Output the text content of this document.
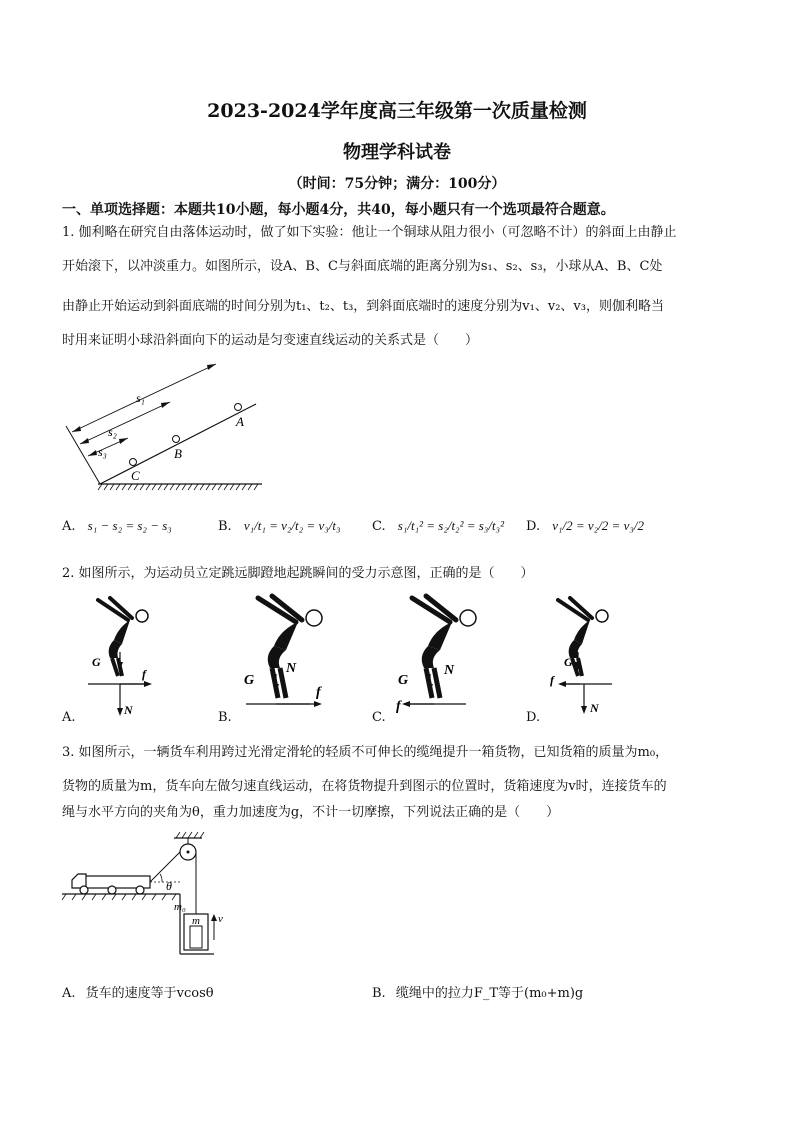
2023-2024学年度高三年级第一次质量检测
物理学科试卷
（时间：75分钟；满分：100分）
一、单项选择题：本题共10小题，每小题4分，共40，每小题只有一个选项最符合题意。
1. 伽利略在研究自由落体运动时，做了如下实验：他让一个铜球从阻力很小（可忽略不计）的斜面上由静止
开始滚下，以冲淡重力。如图所示，设A、B、C与斜面底端的距离分别为s₁、s₂、s₃，小球从A、B、C处
由静止开始运动到斜面底端的时间分别为t₁、t₂、t₃，到斜面底端时的速度分别为v₁、v₂、v₃，则伽利略当
时用来证明小球沿斜面向下的运动是匀变速直线运动的关系式是（　　）
s₁
s₂
s₃
A
B
C
A. s₁ − s₂ = s₂ − s₃	B. v₁/t₁ = v₂/t₂ = v₃/t₃ C. s₁/t₁² = s₂/t₂² = s₃/t₃² D. v₁/2 = v₂/2 = v₃/2
2. 如图所示，为运动员立定跳远脚蹬地起跳瞬间的受力示意图，正确的是（　　）
G
N
f
A.
G
N
f
B.
G
N
f
C.
G
N
f
D.
3. 如图所示，一辆货车利用跨过光滑定滑轮的轻质不可伸长的缆绳提升一箱货物，已知货箱的质量为m₀，
货物的质量为m，货车向左做匀速直线运动，在将货物提升到图示的位置时，货箱速度为v时，连接货车的
绳与水平方向的夹角为θ，重力加速度为g，不计一切摩擦，下列说法正确的是（　　）
θ
m₀
m v
A. 货车的速度等于vcosθ	B. 缆绳中的拉力F_T等于(m₀+m)g
